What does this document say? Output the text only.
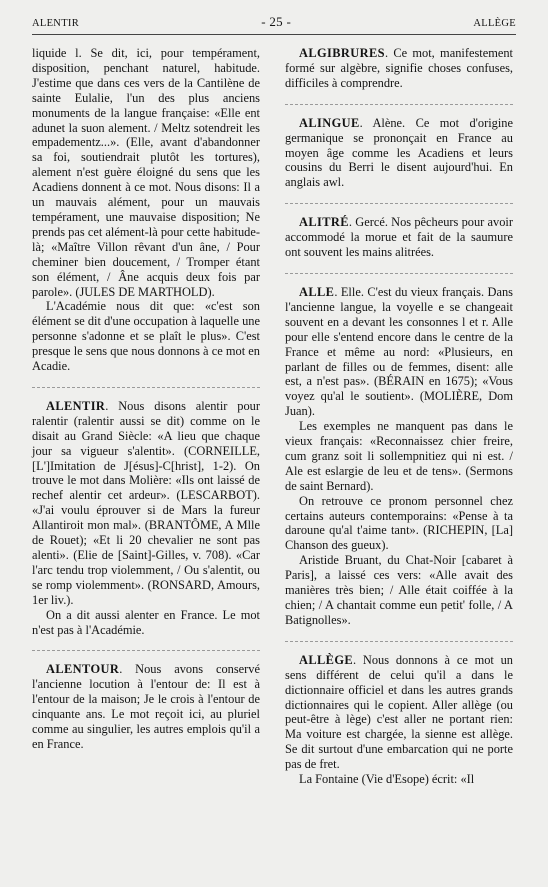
ALENTIR	- 25 -	ALLÈGE

liquide l. Se dit, ici, pour tempérament, disposition, penchant naturel, habitude. J'estime que dans ces vers de la Cantilène de sainte Eulalie, l'un des plus anciens monuments de la langue française: «Elle ent adunet la suon alement. / Meltz sotendreit les empadementz...». (Elle, avant d'abandonner sa foi, soutiendrait plutôt les tortures), alement n'est guère éloigné du sens que les Acadiens donnent à ce mot. Nous disons: Il a un mauvais alément, pour un mauvais tempérament, une mauvaise disposition; Ne prends pas cet alément-là pour cette habitude-là; «Maître Villon rêvant d'un âne, / Pour cheminer bien doucement, / Tromper étant son élément, / Âne acquis deux fois par parole». (JULES DE MARTHOLD).

L'Académie nous dit que: «c'est son élément se dit d'une occupation à laquelle une personne s'adonne et se plaît le plus». C'est presque le sens que nous donnons à ce mot en Acadie.

ALENTIR. Nous disons alentir pour ralentir (ralentir aussi se dit) comme on le disait au Grand Siècle: «A lieu que chaque jour sa vigueur s'alentit». (CORNEILLE, [L']Imitation de J[ésus]-C[hrist], 1-2). On trouve le mot dans Molière: «Ils ont laissé de rechef alentir cet ardeur». (LESCARBOT). «J'ai voulu éprouver si de Mars la fureur Allantiroit mon mal». (BRANTÔME, A Mlle de Rouet); «Et li 20 chevalier ne sont pas alenti». (Elie de [Saint]-Gilles, v. 708). «Car l'arc tendu trop violemment, / Ou s'alentit, ou se romp violemment». (RONSARD, Amours, 1er liv.).

On a dit aussi alenter en France. Le mot n'est pas à l'Académie.

ALENTOUR. Nous avons conservé l'ancienne locution à l'entour de: Il est à l'entour de la maison; Je le crois à l'entour de cinquante ans. Le mot reçoit ici, au pluriel comme au singulier, les autres emplois qu'il a en France.

ALGIBRURES. Ce mot, manifestement formé sur algèbre, signifie choses confuses, difficiles à comprendre.

ALINGUE. Alène. Ce mot d'origine germanique se prononçait en France au moyen âge comme les Acadiens et leurs cousins du Berri le disent aujourd'hui. En anglais awl.

ALITRÉ. Gercé. Nos pêcheurs pour avoir accommodé la morue et fait de la saumure ont souvent les mains alitrées.

ALLE. Elle. C'est du vieux français. Dans l'ancienne langue, la voyelle e se changeait souvent en a devant les consonnes l et r. Alle pour elle s'entend encore dans le centre de la France et même au nord: «Plusieurs, en parlant de filles ou de femmes, disent: alle est, a n'est pas». (BÉRAIN en 1675); «Vous voyez qu'al le soutient». (MOLIÈRE, Dom Juan).

Les exemples ne manquent pas dans le vieux français: «Reconnaissez chier freire, cum granz soit li sollempnitiez qui ni est. / Ale est eslargie de leu et de tens». (Sermons de saint Bernard).

On retrouve ce pronom personnel chez certains auteurs contemporains: «Pense à ta daroune qu'al t'aime tant». (RICHEPIN, [La] Chanson des gueux).

Aristide Bruant, du Chat-Noir [cabaret à Paris], a laissé ces vers: «Alle avait des manières très bien; / Alle était coiffée à la chien; / A chantait comme eun petit' folle, / A Batignolles».

ALLÈGE. Nous donnons à ce mot un sens différent de celui qu'il a dans le dictionnaire officiel et dans les autres grands dictionnaires qui le copient. Aller allège (ou peut-être à lège) c'est aller ne portant rien: Ma voiture est chargée, la sienne est allège. Se dit surtout d'une embarcation qui ne porte pas de fret.

La Fontaine (Vie d'Esope) écrit: «Il
